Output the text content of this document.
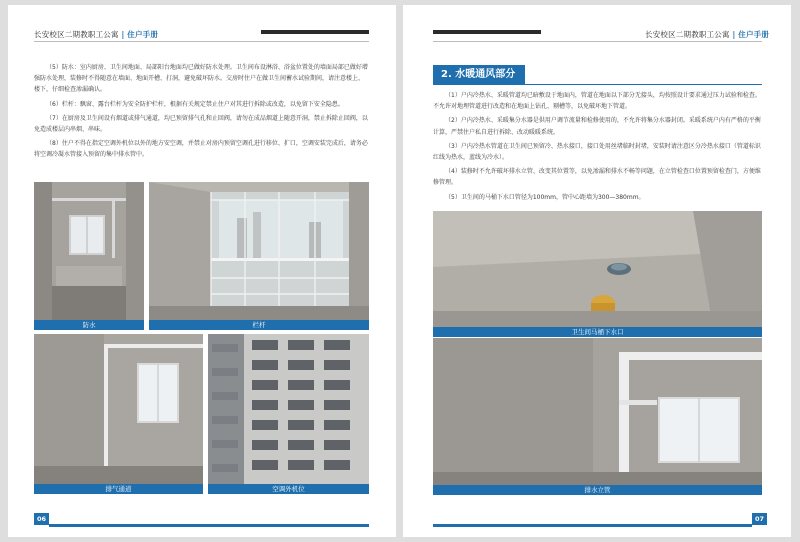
长安校区二期教职工公寓 | 住户手册

（5）防水：室内厨房、卫生间地面、局部阳台地面均已做好防水处理。卫生间布设淋浴、浴盆位置处的墙面局部已做好增强防水处理，装修时不得随意在墙面、地面开槽、打洞，避免破坏防水。交房时住户在做卫生间蓄水试验期间，请注意楼上、楼下，仔细检查渗漏确认。

（6）栏杆：飘窗、露台栏杆为安全防护栏杆，根据有关规定禁止住户对其进行拆除或改造，以免留下安全隐患。

（7）在厨房及卫生间设有烟道或排气通道，均已预留排气孔和止回阀，请勿在成品烟道上随意开洞，禁止拆除止回阀，以免造成楼层内串烟、串味。

（8）住户不得在指定空调外机位以外的地方安空调，并禁止对房内预留空调孔进行移位、扩口，空调安装完成后，请务必将空调冷凝水管接入预留的集中排水管中。

防水	栏杆
排气通道	空调外机位
06
长安校区二期教职工公寓 | 住户手册
2. 水暖通风部分

（1）户内冷热水、采暖管道均已暗敷设于地面内，管道在地面以下部分无接头，均按照设计要求通过压力试验和检查。不允许对地埋管道进行改造和在地面上钻孔、剔槽等，以免破坏地下管道。

（2）户内冷热水、采暖集分水器是供用户调节流量和检修使用的，不允许将集分水器封闭。采暖系统户内有严格的平衡计算，严禁住户私自进行拆除、改动暖暖系统。

（3）户内冷热水管道在卫生间已预留冷、热水接口，接口处用丝堵临时封堵，安装时请注意区分冷热水接口（管道标识红线为热水，蓝线为冷水）。

（4）装修时不允许破坏排水立管、改变其位置等，以免渗漏和排水不畅等问题，在立管检查口位置预留检查门，方便维修管理。

（5）卫生间的马桶下水口管径为100mm，管中心距墙为300—380mm。

卫生间马桶下水口
排水立管
07
